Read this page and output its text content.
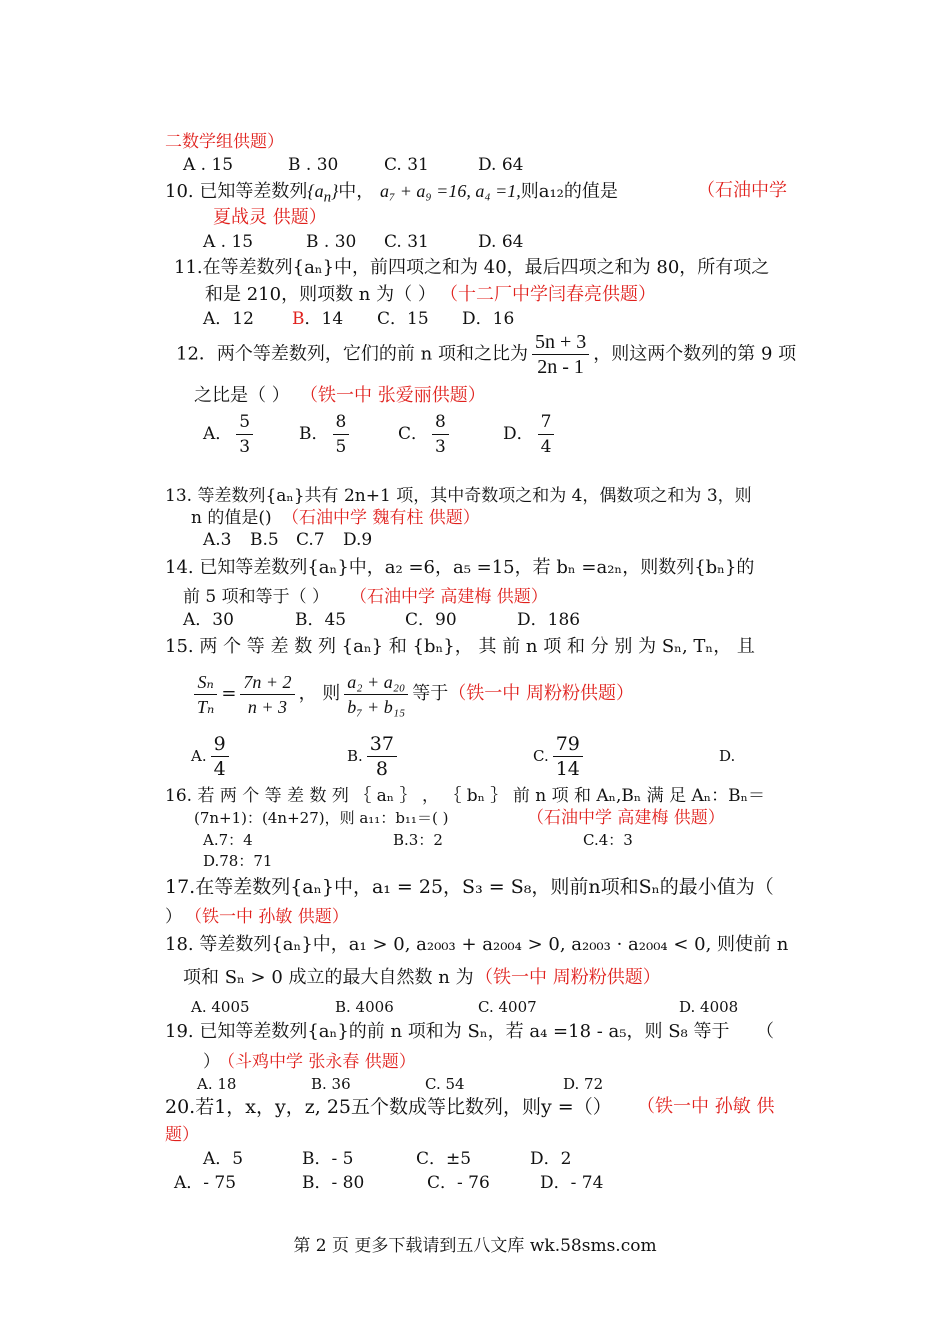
二数学组供题）
A . 15	B . 30	C. 31	D. 64
10. 已知等差数列$\{a_n\}$中， a₇ + a₉ =16, a₄ =1,则a₁₂的值是	（石油中学
夏战灵 供题）
A . 15	B . 30 C. 31	D. 64
11.在等差数列{aₙ}中，前四项之和为 40，最后四项之和为 80，所有项之
和是 210，则项数 n 为（ ） （十二厂中学闫春亮供题）
A．12 B．14 C．15 D．16
12．两个等差数列，它们的前 n 项和之比为 $\frac{5n + 3}{2n - 1}$ ，则这两个数列的第 9 项
之比是（ ） （铁一中 张爱丽供题）
A． $\frac{5}{3}$	B． $\frac{8}{5}$	C． $\frac{8}{3}$	D． $\frac{7}{4}$
13. 等差数列{aₙ}共有 2n+1 项，其中奇数项之和为 4，偶数项之和为 3，则
n 的值是() （石油中学 魏有柱 供题）
A.3 B.5 C.7 D.9
14. 已知等差数列{aₙ}中，a₂ =6，a₅ =15，若 bₙ =a₂ₙ，则数列{bₙ}的
前 5 项和等于（ ） （石油中学 高建梅 供题）
A．30	B．45	C．90	D．186
15. 两 个 等 差 数 列 {aₙ} 和 {bₙ}， 其 前 n 项 和 分 别 为 Sₙ, Tₙ， 且
$\frac{\text{Sₙ}}{\text{Tₙ}} = \frac{7n + 2}{n + 3}$ ， 则 $\frac{\text{a₂ + a₂₀}}{\text{b₇ + b₁₅}}$ 等于（铁一中 周粉粉供题）
A. $\frac{9}{4}$	B. $\frac{37}{8}$	C. $\frac{79}{14}$	D.
16. 若 两 个 等 差 数 列 ｛ aₙ ｝ ， ｛ bₙ ｝ 前 n 项 和 Aₙ,Bₙ 满 足 Aₙ：Bₙ＝
(7n+1)：(4n+27)，则 a₁₁：b₁₁＝( )	（石油中学 高建梅 供题）
A.7：4	B.3：2	C.4：3
D.78：71
17.在等差数列{aₙ}中，a₁ = 25，S₃ = S₈，则前n项和Sₙ的最小值为（
） （铁一中 孙敏 供题）
18. 等差数列{aₙ}中，a₁ > 0, a₂₀₀₃ + a₂₀₀₄ > 0, a₂₀₀₃ · a₂₀₀₄ < 0, 则使前 n
项和 Sₙ > 0 成立的最大自然数 n 为 （铁一中 周粉粉供题）
A. 4005	B. 4006	C. 4007	D. 4008
19. 已知等差数列{aₙ}的前 n 项和为 Sₙ，若 a₄ =18 - a₅，则 S₈ 等于 （
）
（斗鸡中学 张永春 供题）
A. 18	B. 36	C. 54	D. 72
20.若1，x，y，z, 25五个数成等比数列，则y =（） （铁一中 孙敏 供
题）
A．5	B．- 5	C．±5	D．2
A．- 75	B．- 80	C．- 76	D．- 74
第 2 页 更多下载请到五八文库 wk.58sms.com
